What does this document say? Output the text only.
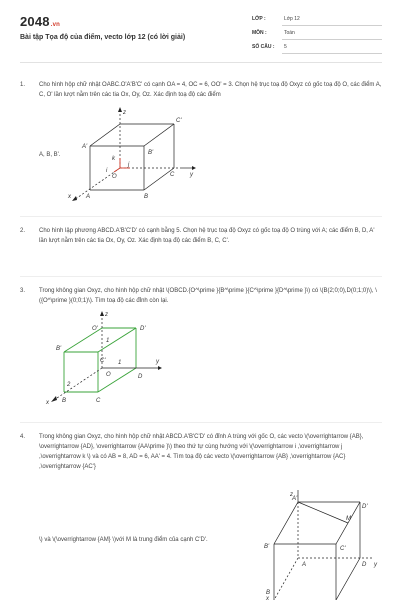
2048.vn
Bài tập Tọa độ của điểm, vecto lớp 12 (có lời giải)
LỚP :	Lớp 12
MÔN :	Toán
SỐ CÂU : 5
1. Cho hình hộp chữ nhật OABC.O'A'B'C' có cạnh OA = 4, OC = 6, OO' = 3. Chọn hệ trục toạ độ Oxyz có gốc toạ độ O, các điểm A, C, O' lần lượt nằm trên các tia Ox, Oy, Oz. Xác định toạ độ các điểm
A, B, B'.
z
y
x
A'
B'
C'
O
A	B
C
k
j
i
2. Cho hình lập phương ABCD.A'B'C'D' có cạnh bằng 5. Chọn hệ trục toạ độ Oxyz có gốc toạ độ O trùng với A; các điểm B, D, A' lần lượt nằm trên các tia Ox, Oy, Oz. Xác định toạ độ các điểm B, C, C'.
3. Trong không gian Oxyz, cho hình hộp chữ nhật \(OBCD.{O^\prime }{B^\prime }{C^\prime }{D^\prime }\) có \(B(2;0;0),D(0;1;0)\), \({O^\prime }(0;0;1)\). Tìm toạ độ các đỉnh còn lại.
z
y
x
O'	D'
B'
C'
O	D
B	C
1
1
2
4. Trong không gian Oxyz, cho hình hộp chữ nhật ABCD.A'B'C'D' có đỉnh A trùng với gốc O, các vecto \(\overrightarrow {AB}, \overrightarrow {AD}, \overrightarrow {AA\prime }\) theo thứ tự cùng hướng với \(\overrightarrow i ,\overrightarrow j ,\overrightarrow k \) và có AB = 8, AD = 6, AA' = 4. Tìm toạ độ các vecto \(\overrightarrow {AB} ,\overrightarrow {AC} ,\overrightarrow {AC'}
\) và \(\overrightarrow {AM} \)với M là trung điểm của cạnh C'D'.
z
A'
D'
M
B'	C'
D y
A
B
x
